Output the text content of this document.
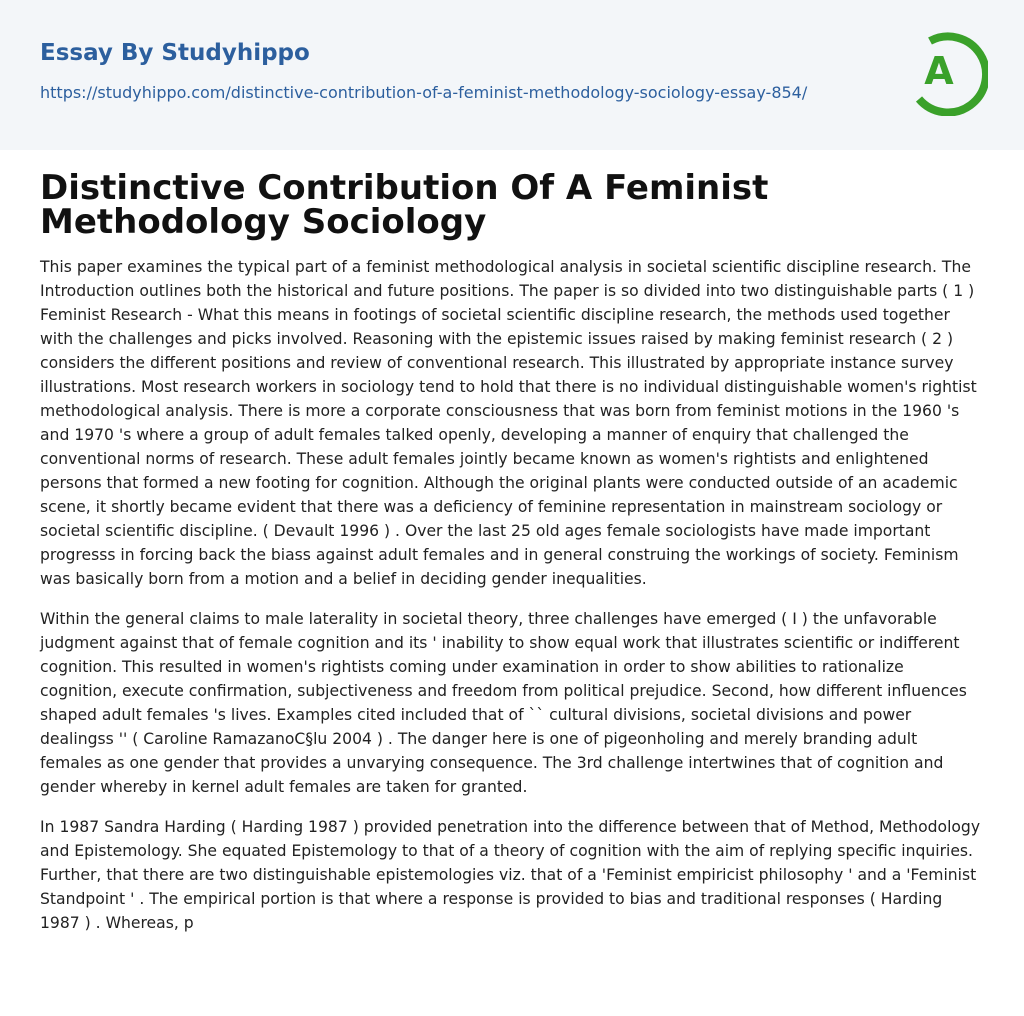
Essay By Studyhippo
https://studyhippo.com/distinctive-contribution-of-a-feminist-methodology-sociology-essay-854/	A
Distinctive Contribution Of A Feminist Methodology Sociology

This paper examines the typical part of a feminist methodological analysis in societal scientific discipline research. The Introduction outlines both the historical and future positions. The paper is so divided into two distinguishable parts ( 1 ) Feminist Research - What this means in footings of societal scientific discipline research, the methods used together with the challenges and picks involved. Reasoning with the epistemic issues raised by making feminist research ( 2 ) considers the different positions and review of conventional research. This illustrated by appropriate instance survey illustrations. Most research workers in sociology tend to hold that there is no individual distinguishable women's rightist methodological analysis. There is more a corporate consciousness that was born from feminist motions in the 1960 's and 1970 's where a group of adult females talked openly, developing a manner of enquiry that challenged the conventional norms of research. These adult females jointly became known as women's rightists and enlightened persons that formed a new footing for cognition. Although the original plants were conducted outside of an academic scene, it shortly became evident that there was a deficiency of feminine representation in mainstream sociology or societal scientific discipline. ( Devault 1996 ) . Over the last 25 old ages female sociologists have made important progresss in forcing back the biass against adult females and in general construing the workings of society. Feminism was basically born from a motion and a belief in deciding gender inequalities.

Within the general claims to male laterality in societal theory, three challenges have emerged ( I ) the unfavorable judgment against that of female cognition and its ' inability to show equal work that illustrates scientific or indifferent cognition. This resulted in women's rightists coming under examination in order to show abilities to rationalize cognition, execute confirmation, subjectiveness and freedom from political prejudice. Second, how different influences shaped adult females 's lives. Examples cited included that of `` cultural divisions, societal divisions and power dealingss '' ( Caroline RamazanoC§lu 2004 ) . The danger here is one of pigeonholing and merely branding adult females as one gender that provides a unvarying consequence. The 3rd challenge intertwines that of cognition and gender whereby in kernel adult females are taken for granted.

In 1987 Sandra Harding ( Harding 1987 ) provided penetration into the difference between that of Method, Methodology and Epistemology. She equated Epistemology to that of a theory of cognition with the aim of replying specific inquiries. Further, that there are two distinguishable epistemologies viz. that of a 'Feminist empiricist philosophy ' and a 'Feminist Standpoint ' . The empirical portion is that where a response is provided to bias and traditional responses ( Harding 1987 ) . Whereas, p
